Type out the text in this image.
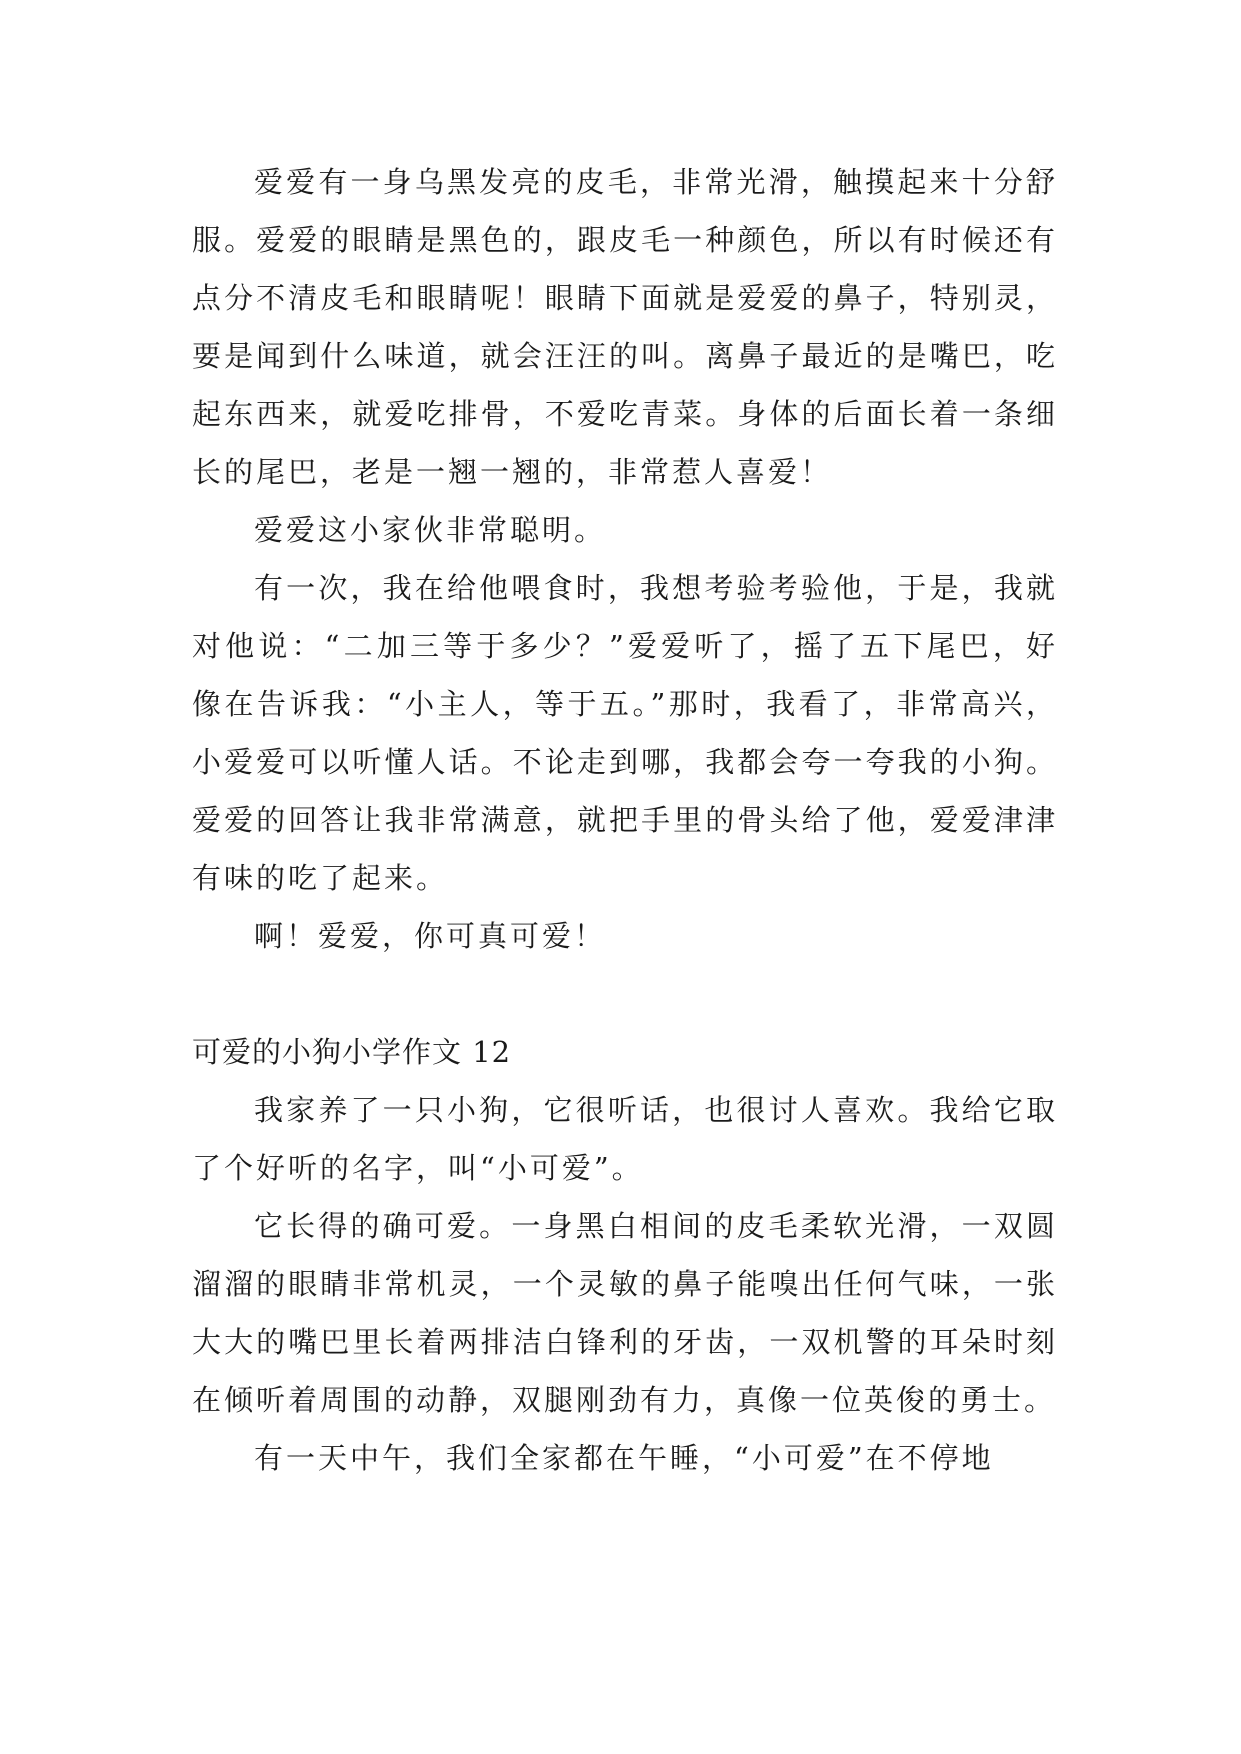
爱爱有一身乌黑发亮的皮毛，非常光滑，触摸起来十分舒服。爱爱的眼睛是黑色的，跟皮毛一种颜色，所以有时候还有点分不清皮毛和眼睛呢！眼睛下面就是爱爱的鼻子，特别灵，要是闻到什么味道，就会汪汪的叫。离鼻子最近的是嘴巴，吃起东西来，就爱吃排骨，不爱吃青菜。身体的后面长着一条细长的尾巴，老是一翘一翘的，非常惹人喜爱！

爱爱这小家伙非常聪明。

有一次，我在给他喂食时，我想考验考验他，于是，我就对他说：“二加三等于多少？”爱爱听了，摇了五下尾巴，好像在告诉我：“小主人，等于五。”那时，我看了，非常高兴，小爱爱可以听懂人话。不论走到哪，我都会夸一夸我的小狗。爱爱的回答让我非常满意，就把手里的骨头给了他，爱爱津津有味的吃了起来。

啊！爱爱，你可真可爱！

可爱的小狗小学作文 12

我家养了一只小狗，它很听话，也很讨人喜欢。我给它取了个好听的名字，叫“小可爱”。

它长得的确可爱。一身黑白相间的皮毛柔软光滑，一双圆溜溜的眼睛非常机灵，一个灵敏的鼻子能嗅出任何气味，一张大大的嘴巴里长着两排洁白锋利的牙齿，一双机警的耳朵时刻在倾听着周围的动静，双腿刚劲有力，真像一位英俊的勇士。

有一天中午，我们全家都在午睡，“小可爱”在不停地
